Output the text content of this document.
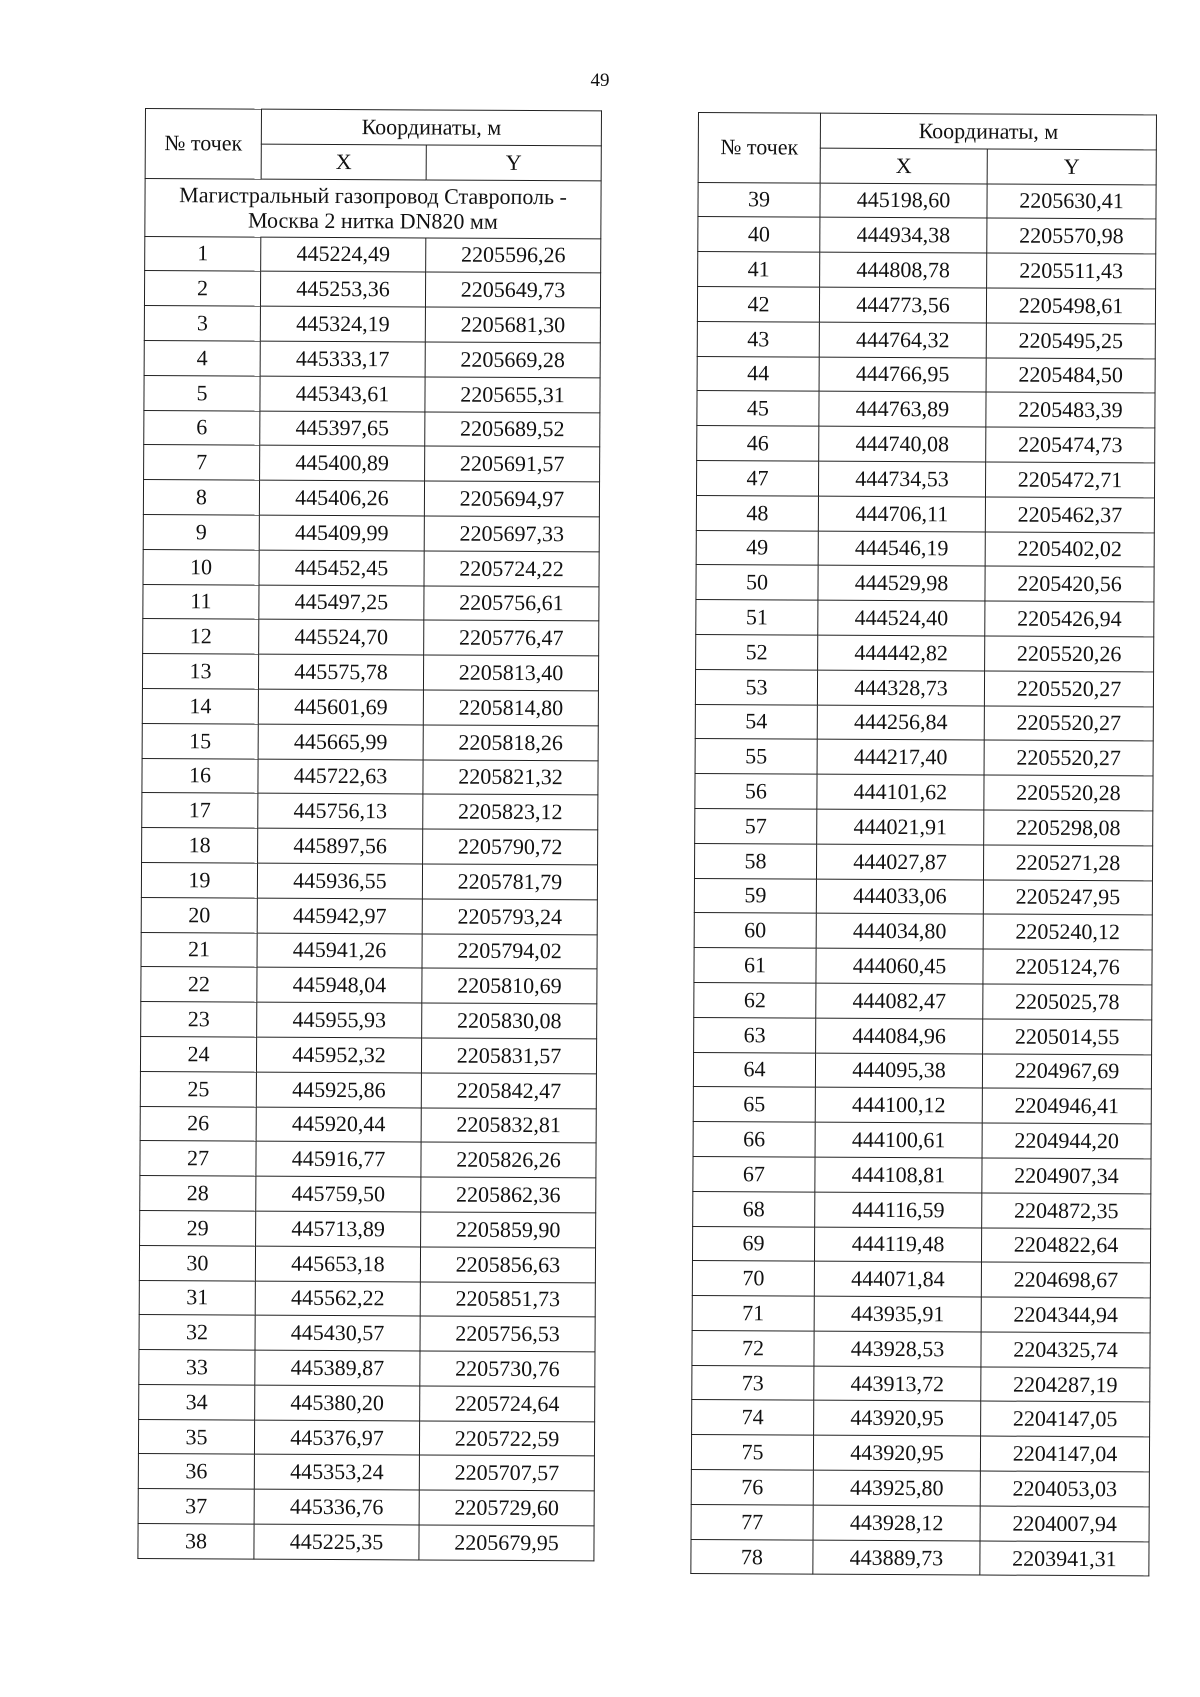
49
№ точек	Координаты, м	
	X	Y
Магистральный газопровод Ставрополь - Москва 2 нитка DN820 мм		
1	445224,49	2205596,26
2	445253,36	2205649,73
3	445324,19	2205681,30
4	445333,17	2205669,28
5	445343,61	2205655,31
6	445397,65	2205689,52
7	445400,89	2205691,57
8	445406,26	2205694,97
9	445409,99	2205697,33
10	445452,45	2205724,22
11	445497,25	2205756,61
12	445524,70	2205776,47
13	445575,78	2205813,40
14	445601,69	2205814,80
15	445665,99	2205818,26
16	445722,63	2205821,32
17	445756,13	2205823,12
18	445897,56	2205790,72
19	445936,55	2205781,79
20	445942,97	2205793,24
21	445941,26	2205794,02
22	445948,04	2205810,69
23	445955,93	2205830,08
24	445952,32	2205831,57
25	445925,86	2205842,47
26	445920,44	2205832,81
27	445916,77	2205826,26
28	445759,50	2205862,36
29	445713,89	2205859,90
30	445653,18	2205856,63
31	445562,22	2205851,73
32	445430,57	2205756,53
33	445389,87	2205730,76
34	445380,20	2205724,64
35	445376,97	2205722,59
36	445353,24	2205707,57
37	445336,76	2205729,60
38	445225,35	2205679,95
№ точек	Координаты, м	
	X	Y
39	445198,60	2205630,41
40	444934,38	2205570,98
41	444808,78	2205511,43
42	444773,56	2205498,61
43	444764,32	2205495,25
44	444766,95	2205484,50
45	444763,89	2205483,39
46	444740,08	2205474,73
47	444734,53	2205472,71
48	444706,11	2205462,37
49	444546,19	2205402,02
50	444529,98	2205420,56
51	444524,40	2205426,94
52	444442,82	2205520,26
53	444328,73	2205520,27
54	444256,84	2205520,27
55	444217,40	2205520,27
56	444101,62	2205520,28
57	444021,91	2205298,08
58	444027,87	2205271,28
59	444033,06	2205247,95
60	444034,80	2205240,12
61	444060,45	2205124,76
62	444082,47	2205025,78
63	444084,96	2205014,55
64	444095,38	2204967,69
65	444100,12	2204946,41
66	444100,61	2204944,20
67	444108,81	2204907,34
68	444116,59	2204872,35
69	444119,48	2204822,64
70	444071,84	2204698,67
71	443935,91	2204344,94
72	443928,53	2204325,74
73	443913,72	2204287,19
74	443920,95	2204147,05
75	443920,95	2204147,04
76	443925,80	2204053,03
77	443928,12	2204007,94
78	443889,73	2203941,31
